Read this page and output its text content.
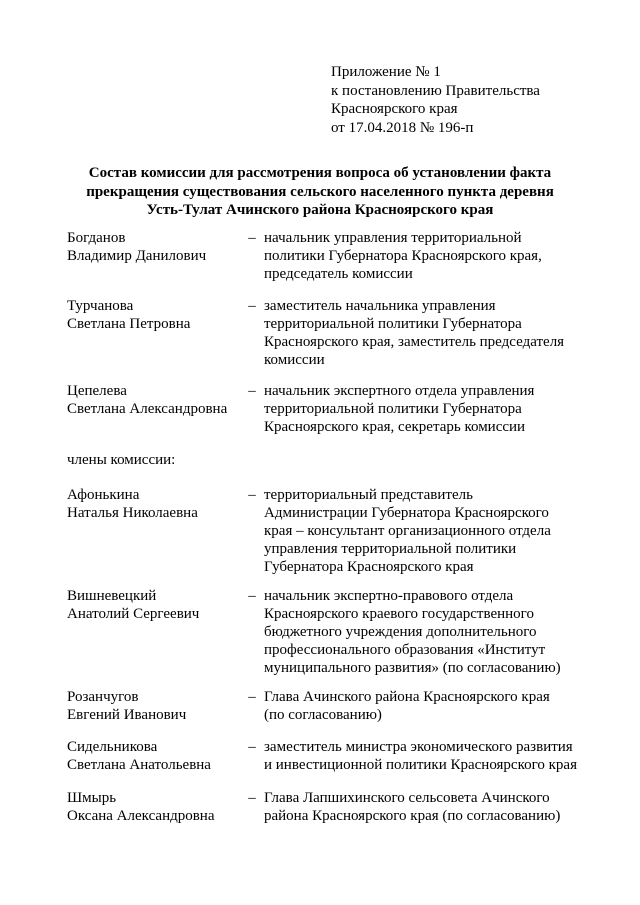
Приложение № 1
к постановлению Правительства
Красноярского края
от 17.04.2018 № 196-п
Состав комиссии для рассмотрения вопроса об установлении факта
прекращения существования сельского населенного пункта деревня
Усть-Тулат Ачинского района Красноярского края
Богданов
Владимир Данилович
– начальник управления территориальной
политики Губернатора Красноярского края,
председатель комиссии
Турчанова
Светлана Петровна
– заместитель начальника управления
территориальной политики Губернатора
Красноярского края, заместитель председателя
комиссии
Цепелева
Светлана Александровна
– начальник экспертного отдела управления
территориальной политики Губернатора
Красноярского края, секретарь комиссии
члены комиссии:
Афонькина
Наталья Николаевна
– территориальный представитель
Администрации Губернатора Красноярского
края – консультант организационного отдела
управления территориальной политики
Губернатора Красноярского края
Вишневецкий
Анатолий Сергеевич
– начальник экспертно-правового отдела
Красноярского краевого государственного
бюджетного учреждения дополнительного
профессионального образования «Институт
муниципального развития» (по согласованию)
Розанчугов
Евгений Иванович
– Глава Ачинского района Красноярского края
(по согласованию)
Сидельникова
Светлана Анатольевна
– заместитель министра экономического развития
и инвестиционной политики Красноярского края
Шмырь
Оксана Александровна
– Глава Лапшихинского сельсовета Ачинского
района Красноярского края (по согласованию)
